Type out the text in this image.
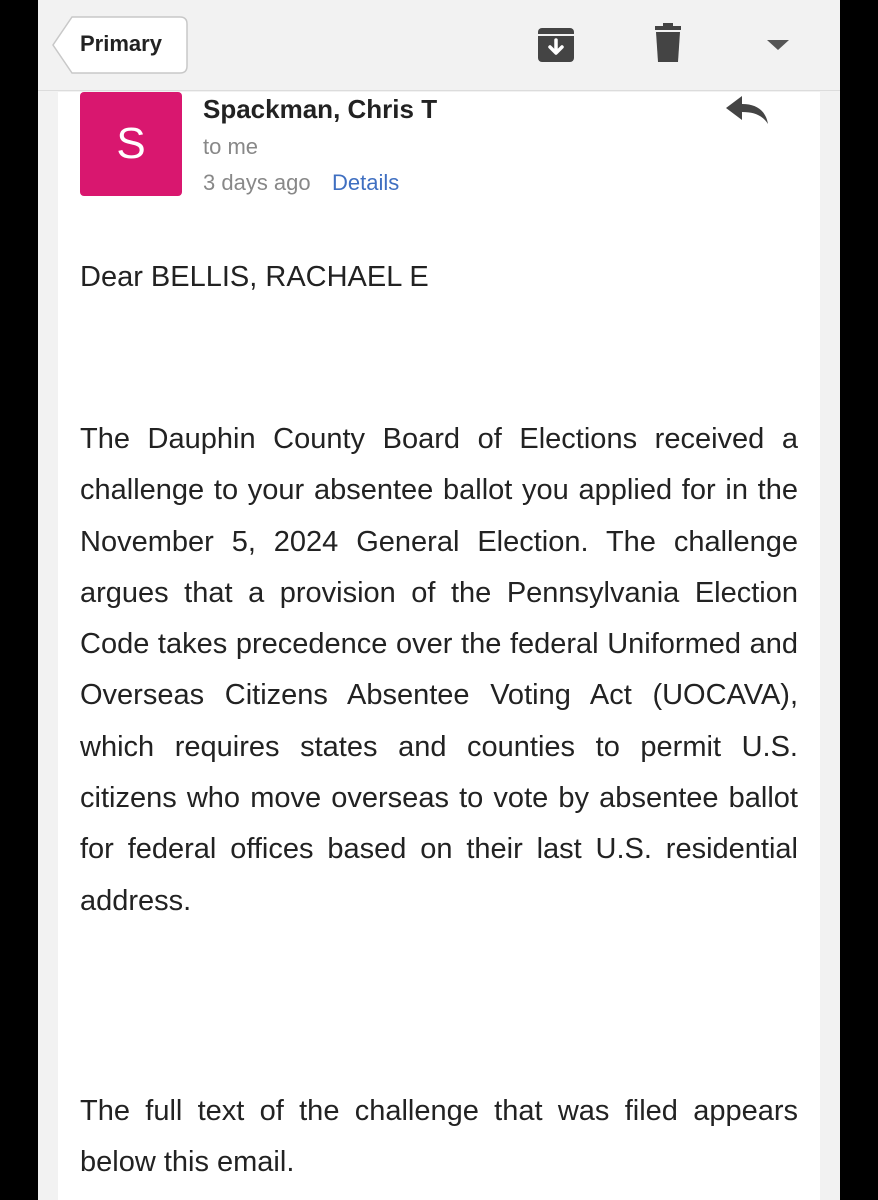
Primary
S
Spackman, Chris T
to me
3 days ago Details
Dear BELLIS, RACHAEL E
The Dauphin County Board of Elections received a challenge to your absentee ballot you applied for in the November 5, 2024 General Election. The challenge argues that a provision of the Pennsylvania Election Code takes precedence over the federal Uniformed and Overseas Citizens Absentee Voting Act (UOCAVA), which requires states and counties to permit U.S. citizens who move overseas to vote by absentee ballot for federal offices based on their last U.S. residential address.
The full text of the challenge that was filed appears below this email.
